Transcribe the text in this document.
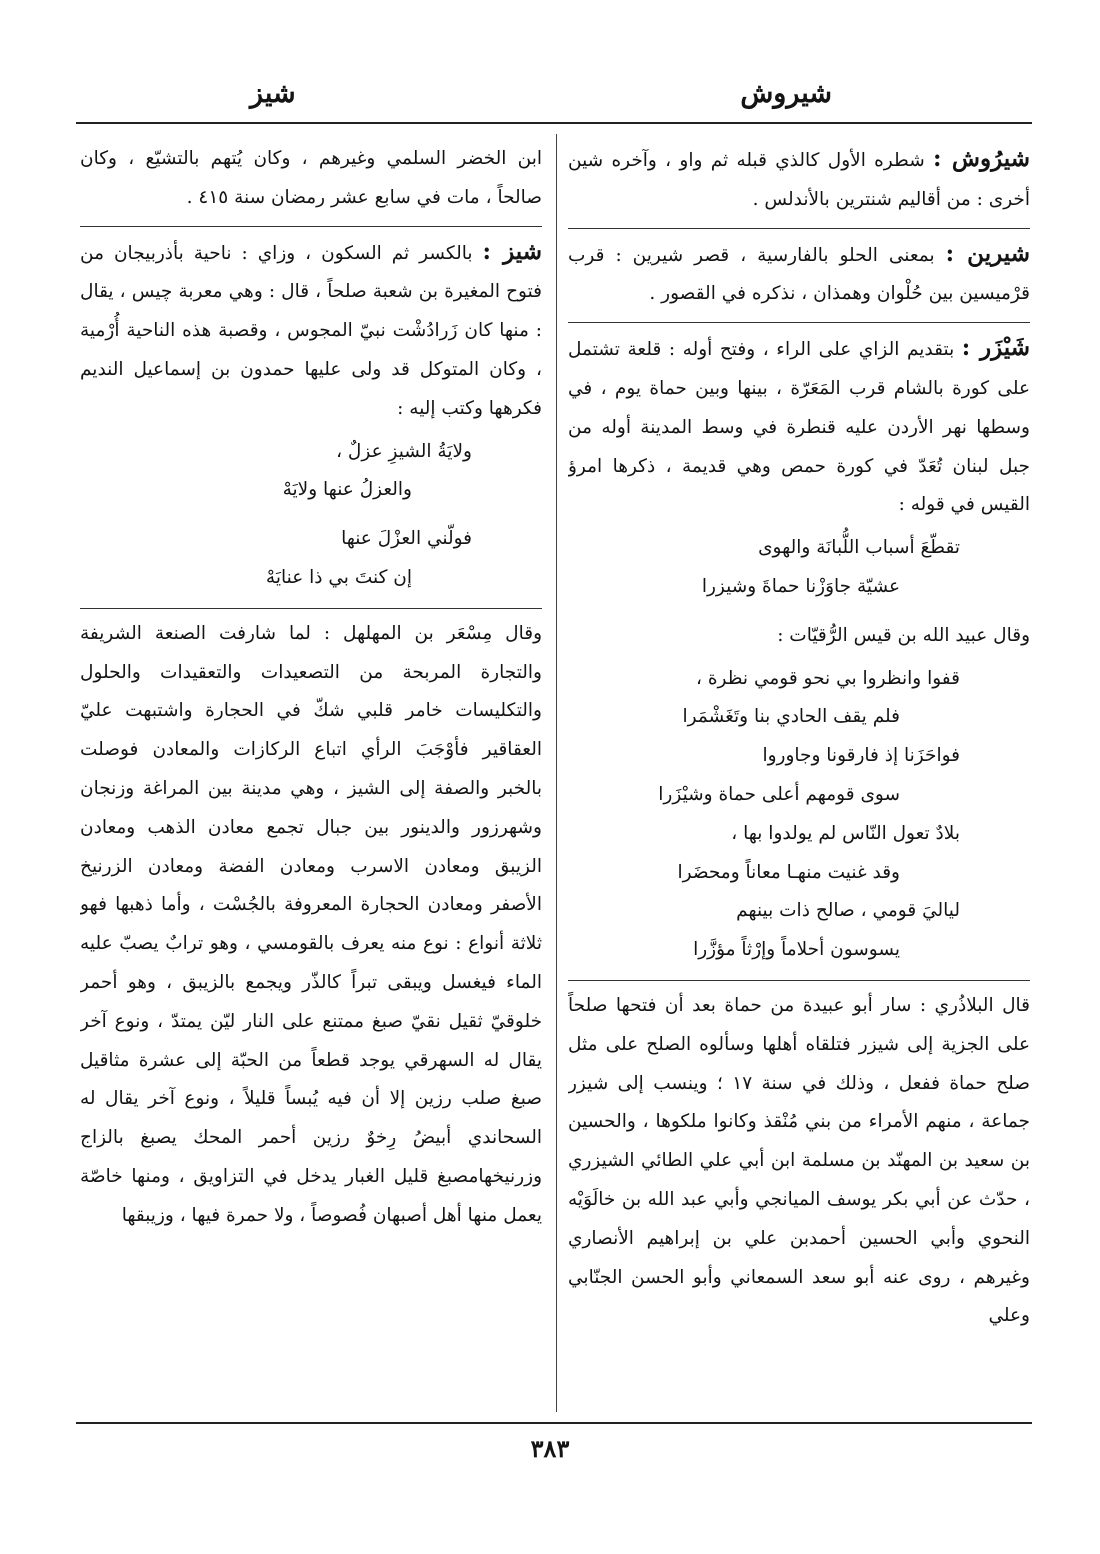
شيروش
شيز
شيرُوش : شطره الأول كالذي قبله ثم واو ، وآخره شين أخرى : من أقاليم شنترين بالأندلس .
شيرين : بمعنى الحلو بالفارسية ، قصر شيرين : قرب قرْميسين بين حُلْوان وهمذان ، نذكره في القصور .
شَيْزَر : بتقديم الزاي على الراء ، وفتح أوله : قلعة تشتمل على كورة بالشام قرب المَعَرّة ، بينها وبين حماة يوم ، في وسطها نهر الأردن عليه قنطرة في وسط المدينة أوله من جبل لبنان تُعَدّ في كورة حمص وهي قديمة ، ذكرها امرؤ القيس في قوله :
تقطّعَ أسباب اللُّبانَة والهوى
عشيّة جاوَزْنا حماةَ وشيزرا
وقال عبيد الله بن قيس الرُّقيّات :
قفوا وانظروا بي نحو قومي نظرة ،
فلم يقف الحادي بنا وتَغَشْمَرا
فواحَزَنا إذ فارقونا وجاوروا
سوى قومهم أعلى حماة وشيْزَرا
بلادٌ تعول النّاس لم يولدوا بها ،
وقد غنيت منهـا معاناً ومحضَرا
لياليَ قومي ، صالح ذات بينهم
يسوسون أحلاماً وإرْثاً مؤزَّرا

قال البلاذُري : سار أبو عبيدة من حماة بعد أن فتحها صلحاً على الجزية إلى شيزر فتلقاه أهلها وسألوه الصلح على مثل صلح حماة ففعل ، وذلك في سنة ١٧ ؛ وينسب إلى شيزر جماعة ، منهم الأمراء من بني مُنْقذ وكانوا ملكوها ، والحسين بن سعيد بن المهنّد بن مسلمة ابن أبي علي الطائي الشيزري ، حدّث عن أبي بكر يوسف الميانجي وأبي عبد الله بن خالَوَيْه النحوي وأبي الحسين أحمدبن علي بن إبراهيم الأنصاري وغيرهم ، روى عنه أبو سعد السمعاني وأبو الحسن الجنّابي وعلي

ابن الخضر السلمي وغيرهم ، وكان يُتهم بالتشيّع ، وكان صالحاً ، مات في سابع عشر رمضان سنة ٤١٥ .
شيز : بالكسر ثم السكون ، وزاي : ناحية بأذربيجان من فتوح المغيرة بن شعبة صلحاً ، قال : وهي معربة چيس ، يقال : منها كان زَرادُشْت نبيّ المجوس ، وقصبة هذه الناحية أُرْمية ، وكان المتوكل قد ولى عليها حمدون بن إسماعيل النديم فكرهها وكتب إليه :
ولايَةُ الشيزِ عزلٌ ،
والعزلُ عنها ولايَهْ
فولّني العزْلَ عنها
إن كنتَ بي ذا عنايَهْ

وقال مِسْعَر بن المهلهل : لما شارفت الصنعة الشريفة والتجارة المربحة من التصعيدات والتعقيدات والحلول والتكليسات خامر قلبي شكّ في الحجارة واشتبهت عليّ العقاقير فأوْجَبَ الرأي اتباع الركازات والمعادن فوصلت بالخبر والصفة إلى الشيز ، وهي مدينة بين المراغة وزنجان وشهرزور والدينور بين جبال تجمع معادن الذهب ومعادن الزيبق ومعادن الاسرب ومعادن الفضة ومعادن الزرنيخ الأصفر ومعادن الحجارة المعروفة بالجُسْت ، وأما ذهبها فهو ثلاثة أنواع : نوع منه يعرف بالقومسي ، وهو ترابٌ يصبّ عليه الماء فيغسل ويبقى تبراً كالذّر ويجمع بالزيبق ، وهو أحمر خلوقيّ ثقيل نقيّ صبغ ممتنع على النار ليّن يمتدّ ، ونوع آخر يقال له السهرقي يوجد قطعاً من الحبّة إلى عشرة مثاقيل صبغ صلب رزين إلا أن فيه يُبساً قليلاً ، ونوع آخر يقال له السحاندي أبيضُ رِخوٌ رزين أحمر المحك يصبغ بالزاج وزرنيخهامصبغ قليل الغبار يدخل في التزاويق ، ومنها خاصّة يعمل منها أهل أصبهان فُصوصاً ، ولا حمرة فيها ، وزيبقها

٣٨٣
